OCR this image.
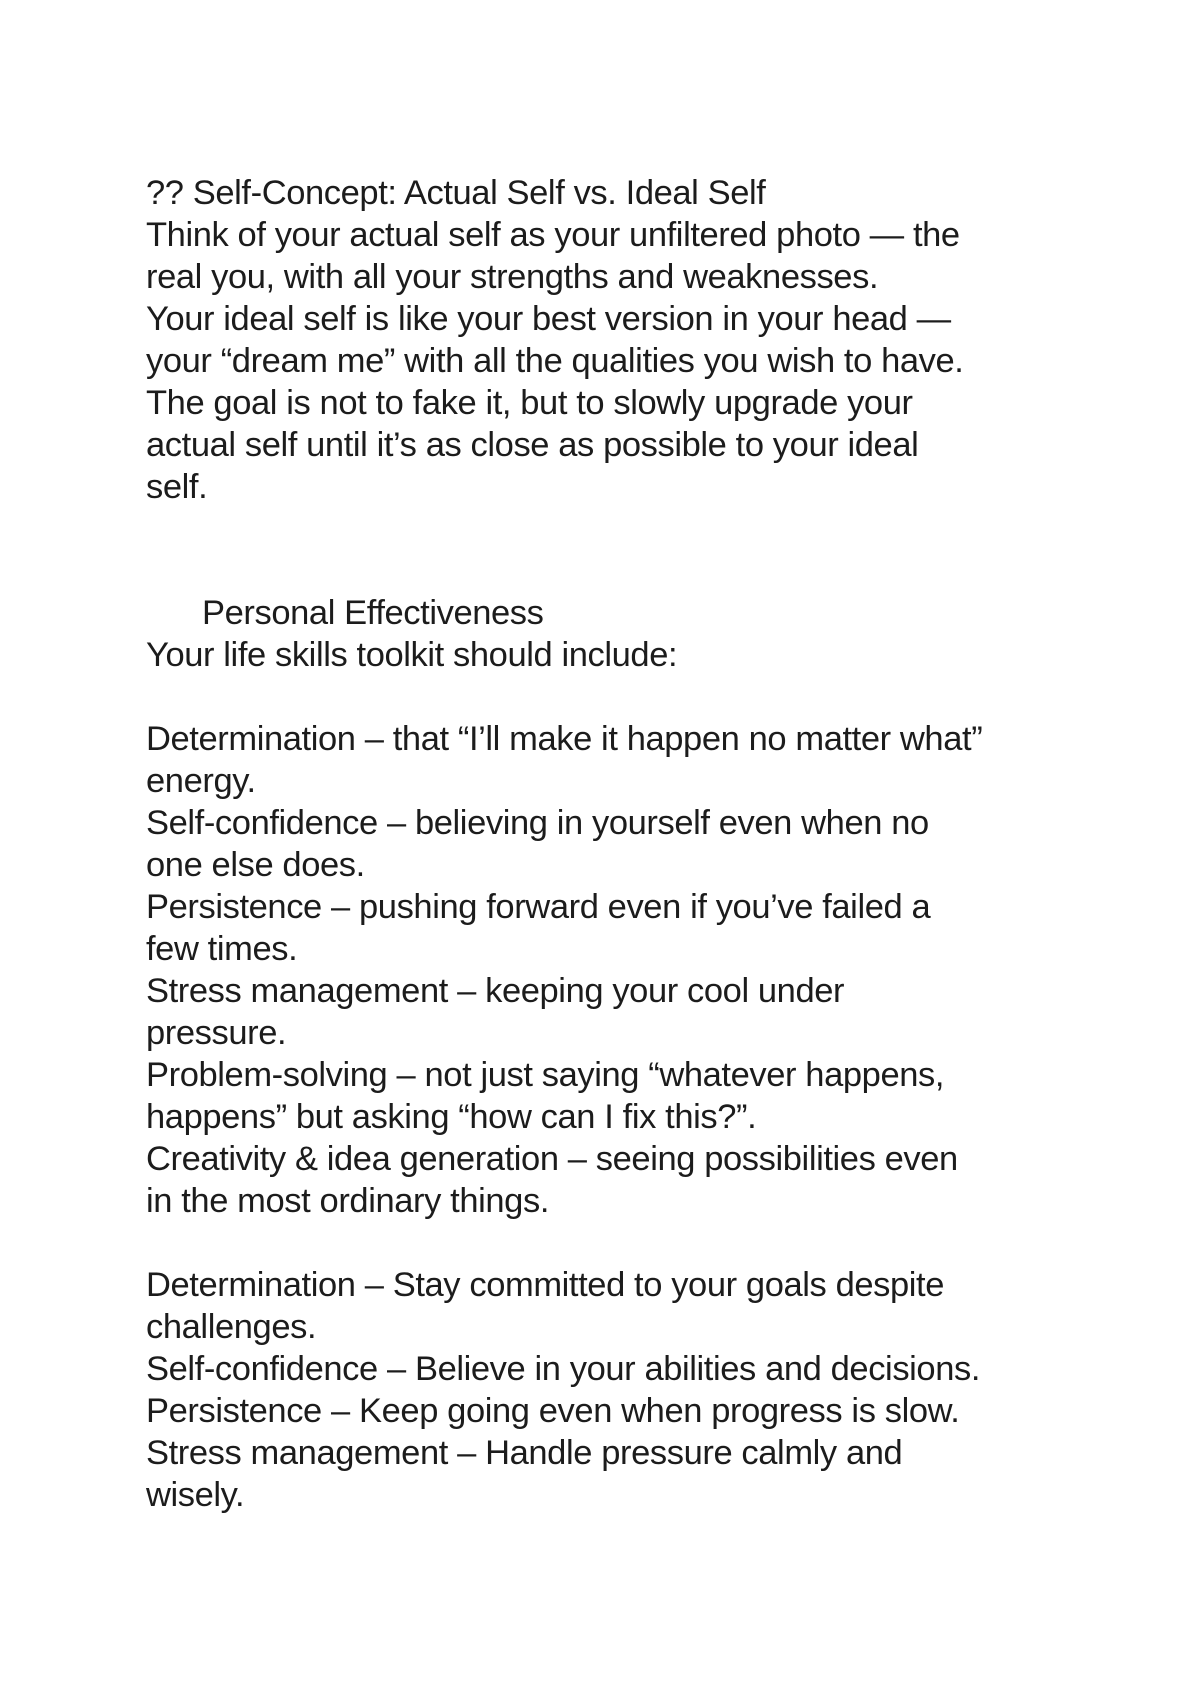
?? Self-Concept: Actual Self vs. Ideal Self
Think of your actual self as your unfiltered photo — the
real you, with all your strengths and weaknesses.
Your ideal self is like your best version in your head —
your “dream me” with all the qualities you wish to have.
The goal is not to fake it, but to slowly upgrade your
actual self until it’s as close as possible to your ideal
self.
Personal Effectiveness
Your life skills toolkit should include:
Determination – that “I’ll make it happen no matter what”
energy.
Self-confidence – believing in yourself even when no
one else does.
Persistence – pushing forward even if you’ve failed a
few times.
Stress management – keeping your cool under
pressure.
Problem-solving – not just saying “whatever happens,
happens” but asking “how can I fix this?”.
Creativity & idea generation – seeing possibilities even
in the most ordinary things.
Determination – Stay committed to your goals despite
challenges.
Self-confidence – Believe in your abilities and decisions.
Persistence – Keep going even when progress is slow.
Stress management – Handle pressure calmly and
wisely.
